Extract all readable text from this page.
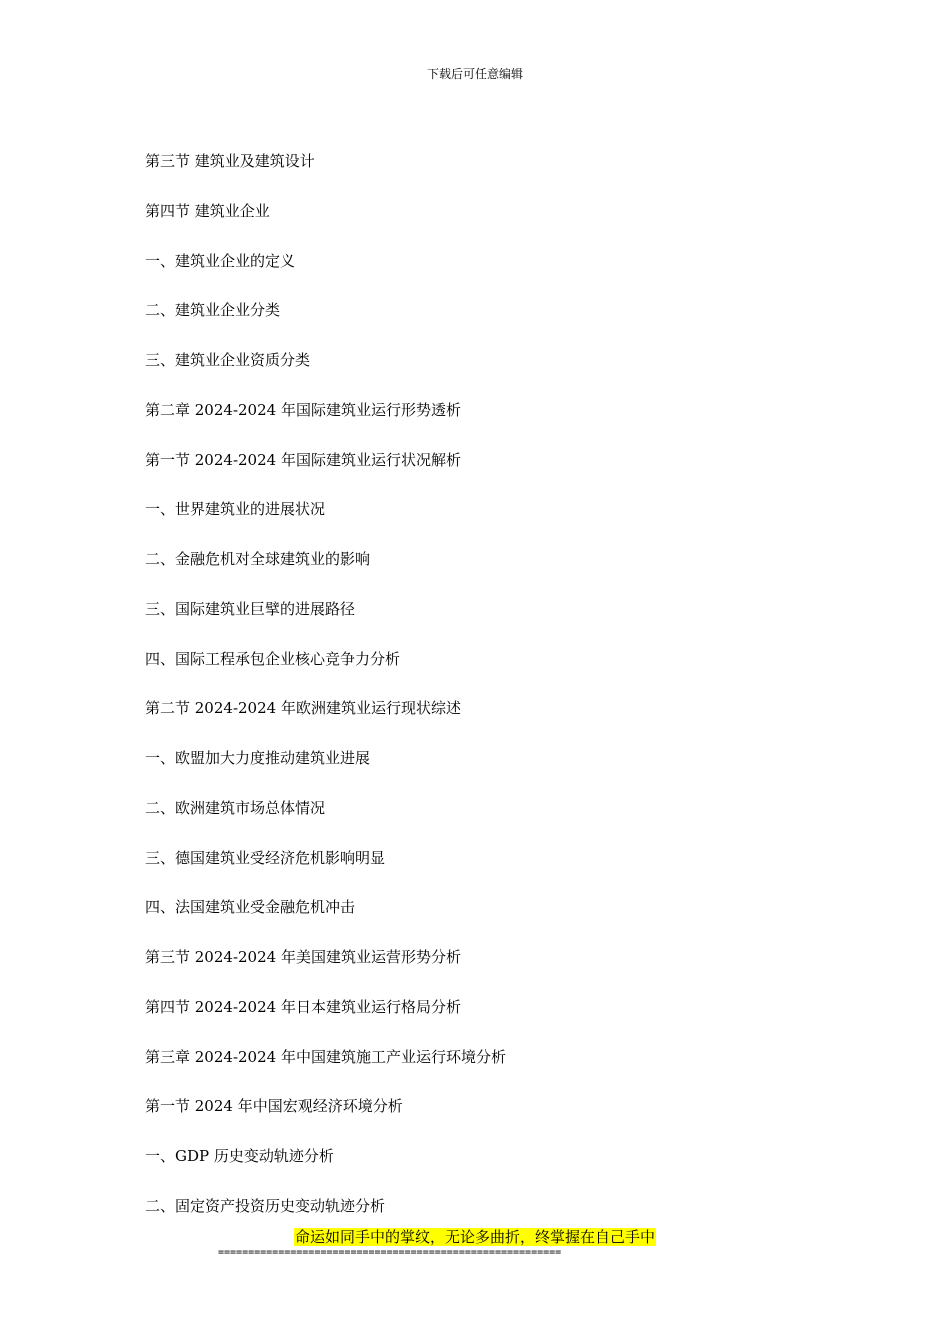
下载后可任意编辑
第三节 建筑业及建筑设计
第四节 建筑业企业
一、建筑业企业的定义
二、建筑业企业分类
三、建筑业企业资质分类
第二章 2024-2024 年国际建筑业运行形势透析
第一节 2024-2024 年国际建筑业运行状况解析
一、世界建筑业的进展状况
二、金融危机对全球建筑业的影响
三、国际建筑业巨擘的进展路径
四、国际工程承包企业核心竞争力分析
第二节 2024-2024 年欧洲建筑业运行现状综述
一、欧盟加大力度推动建筑业进展
二、欧洲建筑市场总体情况
三、德国建筑业受经济危机影响明显
四、法国建筑业受金融危机冲击
第三节 2024-2024 年美国建筑业运营形势分析
第四节 2024-2024 年日本建筑业运行格局分析
第三章 2024-2024 年中国建筑施工产业运行环境分析
第一节 2024 年中国宏观经济环境分析
一、GDP 历史变动轨迹分析
二、固定资产投资历史变动轨迹分析
命运如同手中的掌纹，无论多曲折，终掌握在自己手中
=========================================================
